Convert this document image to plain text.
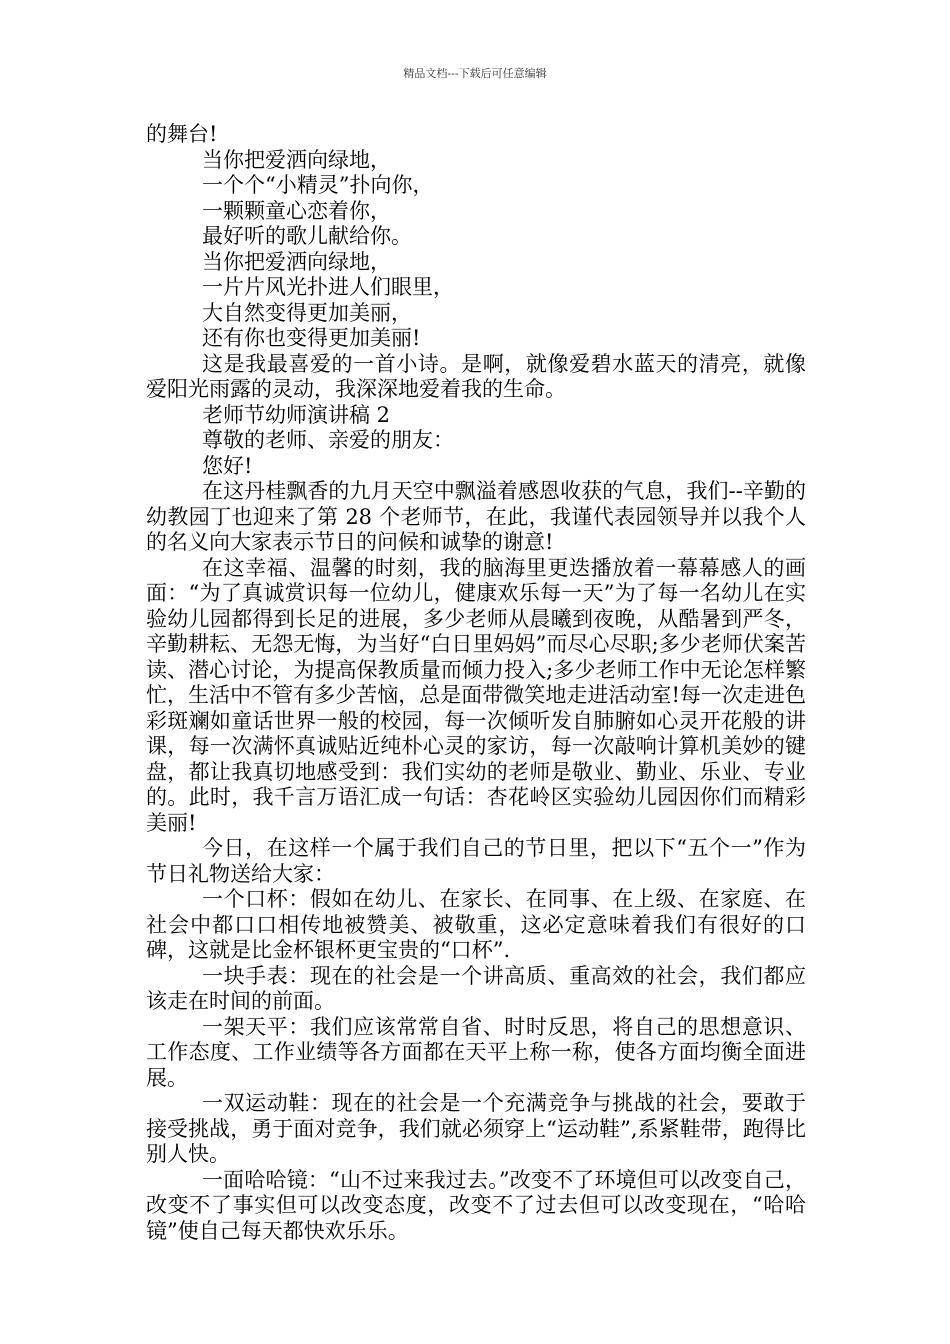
精品文档---下载后可任意编辑

的舞台!

当你把爱洒向绿地，

一个个“小精灵”扑向你，

一颗颗童心恋着你，

最好听的歌儿献给你。

当你把爱洒向绿地，

一片片风光扑进人们眼里，

大自然变得更加美丽，

还有你也变得更加美丽!

这是我最喜爱的一首小诗。是啊，就像爱碧水蓝天的清亮，就像爱阳光雨露的灵动，我深深地爱着我的生命。

老师节幼师演讲稿 2

尊敬的老师、亲爱的朋友：

您好!

在这丹桂飘香的九月天空中飘溢着感恩收获的气息，我们--辛勤的幼教园丁也迎来了第 28 个老师节，在此，我谨代表园领导并以我个人的名义向大家表示节日的问候和诚挚的谢意!

在这幸福、温馨的时刻，我的脑海里更迭播放着一幕幕感人的画面：“为了真诚赏识每一位幼儿，健康欢乐每一天”为了每一名幼儿在实验幼儿园都得到长足的进展，多少老师从晨曦到夜晚，从酷暑到严冬，辛勤耕耘、无怨无悔，为当好“白日里妈妈”而尽心尽职;多少老师伏案苦读、潜心讨论，为提高保教质量而倾力投入;多少老师工作中无论怎样繁忙，生活中不管有多少苦恼，总是面带微笑地走进活动室!每一次走进色彩斑斓如童话世界一般的校园，每一次倾听发自肺腑如心灵开花般的讲课，每一次满怀真诚贴近纯朴心灵的家访，每一次敲响计算机美妙的键盘，都让我真切地感受到：我们实幼的老师是敬业、勤业、乐业、专业的。此时，我千言万语汇成一句话：杏花岭区实验幼儿园因你们而精彩美丽!

今日，在这样一个属于我们自己的节日里，把以下“五个一”作为节日礼物送给大家：

一个口杯：假如在幼儿、在家长、在同事、在上级、在家庭、在社会中都口口相传地被赞美、被敬重，这必定意味着我们有很好的口碑，这就是比金杯银杯更宝贵的“口杯”.

一块手表：现在的社会是一个讲高质、重高效的社会，我们都应该走在时间的前面。

一架天平：我们应该常常自省、时时反思，将自己的思想意识、工作态度、工作业绩等各方面都在天平上称一称，使各方面均衡全面进展。

一双运动鞋：现在的社会是一个充满竞争与挑战的社会，要敢于接受挑战，勇于面对竞争，我们就必须穿上“运动鞋”,系紧鞋带，跑得比别人快。

一面哈哈镜：“山不过来我过去。”改变不了环境但可以改变自己，改变不了事实但可以改变态度，改变不了过去但可以改变现在，“哈哈镜”使自己每天都快欢乐乐。
